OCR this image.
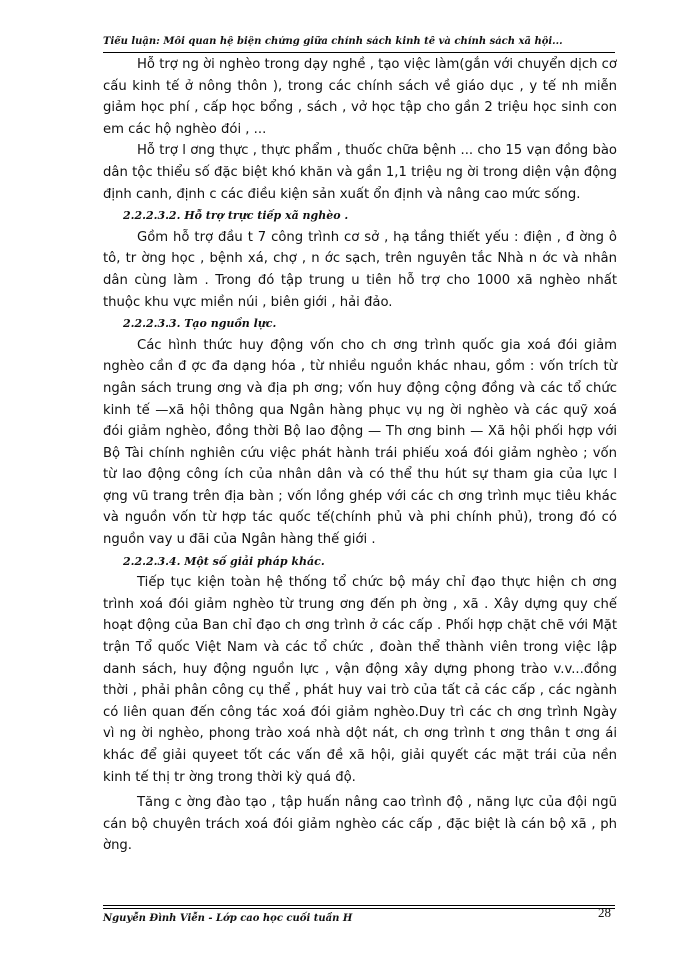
Tiểu luận: Mối quan hệ biện chứng giữa chính sách kinh tế và chính sách xã hội...

Hỗ trợ ng ời nghèo trong dạy nghề , tạo việc làm(gắn với chuyển dịch cơ cấu kinh tế ở nông thôn ), trong các chính sách về giáo dục , y tế nh miễn giảm học phí , cấp học bổng , sách , vở học tập cho gần 2 triệu học sinh con em các hộ nghèo đói , ...

Hỗ trợ l ơng thực , thực phẩm , thuốc chữa bệnh ... cho 15 vạn đồng bào dân tộc thiểu số đặc biệt khó khăn và gần 1,1 triệu ng ời trong diện vận động định canh, định c các điều kiện sản xuất ổn định và nâng cao mức sống.

2.2.2.3.2. Hỗ trợ trực tiếp xã nghèo .

Gồm hỗ trợ đầu t 7 công trình cơ sở , hạ tầng thiết yếu : điện , đ ờng ô tô, tr ờng học , bệnh xá, chợ , n ớc sạch, trên nguyên tắc Nhà n ớc và nhân dân cùng làm . Trong đó tập trung u tiên hỗ trợ cho 1000 xã nghèo nhất thuộc khu vực miền núi , biên giới , hải đảo.

2.2.2.3.3. Tạo nguồn lực.

Các hình thức huy động vốn cho ch ơng trình quốc gia xoá đói giảm nghèo cần đ ợc đa dạng hóa , từ nhiều nguồn khác nhau, gồm : vốn trích từ ngân sách trung ơng và địa ph ơng; vốn huy động cộng đồng và các tổ chức kinh tế —xã hội thông qua Ngân hàng phục vụ ng ời nghèo và các quỹ xoá đói giảm nghèo, đồng thời Bộ lao động — Th ơng binh — Xã hội phối hợp với Bộ Tài chính nghiên cứu việc phát hành trái phiếu xoá đói giảm nghèo ; vốn từ lao động công ích của nhân dân và có thể thu hút sự tham gia của lực l ợng vũ trang trên địa bàn ; vốn lồng ghép với các ch ơng trình mục tiêu khác và nguồn vốn từ hợp tác quốc tế(chính phủ và phi chính phủ), trong đó có nguồn vay u đãi của Ngân hàng thế giới .

2.2.2.3.4. Một số giải pháp khác.

Tiếp tục kiện toàn hệ thống tổ chức bộ máy chỉ đạo thực hiện ch ơng trình xoá đói giảm nghèo từ trung ơng đến ph ờng , xã . Xây dựng quy chế hoạt động của Ban chỉ đạo ch ơng trình ở các cấp . Phối hợp chặt chẽ với Mặt trận Tổ quốc Việt Nam và các tổ chức , đoàn thể thành viên trong việc lập danh sách, huy động nguồn lực , vận động xây dựng phong trào v.v...đồng thời , phải phân công cụ thể , phát huy vai trò của tất cả các cấp , các ngành có liên quan đến công tác xoá đói giảm nghèo.Duy trì các ch ơng trình Ngày vì ng ời nghèo, phong trào xoá nhà dột nát, ch ơng trình t ơng thân t ơng ái khác để giải quyeet tốt các vấn đề xã hội, giải quyết các mặt trái của nền kinh tế thị tr ờng trong thời kỳ quá độ.

Tăng c ờng đào tạo , tập huấn nâng cao trình độ , năng lực của đội ngũ cán bộ chuyên trách xoá đói giảm nghèo các cấp , đặc biệt là cán bộ xã , ph ờng.

Nguyễn Đình Viễn - Lớp cao học cuối tuần H	28
